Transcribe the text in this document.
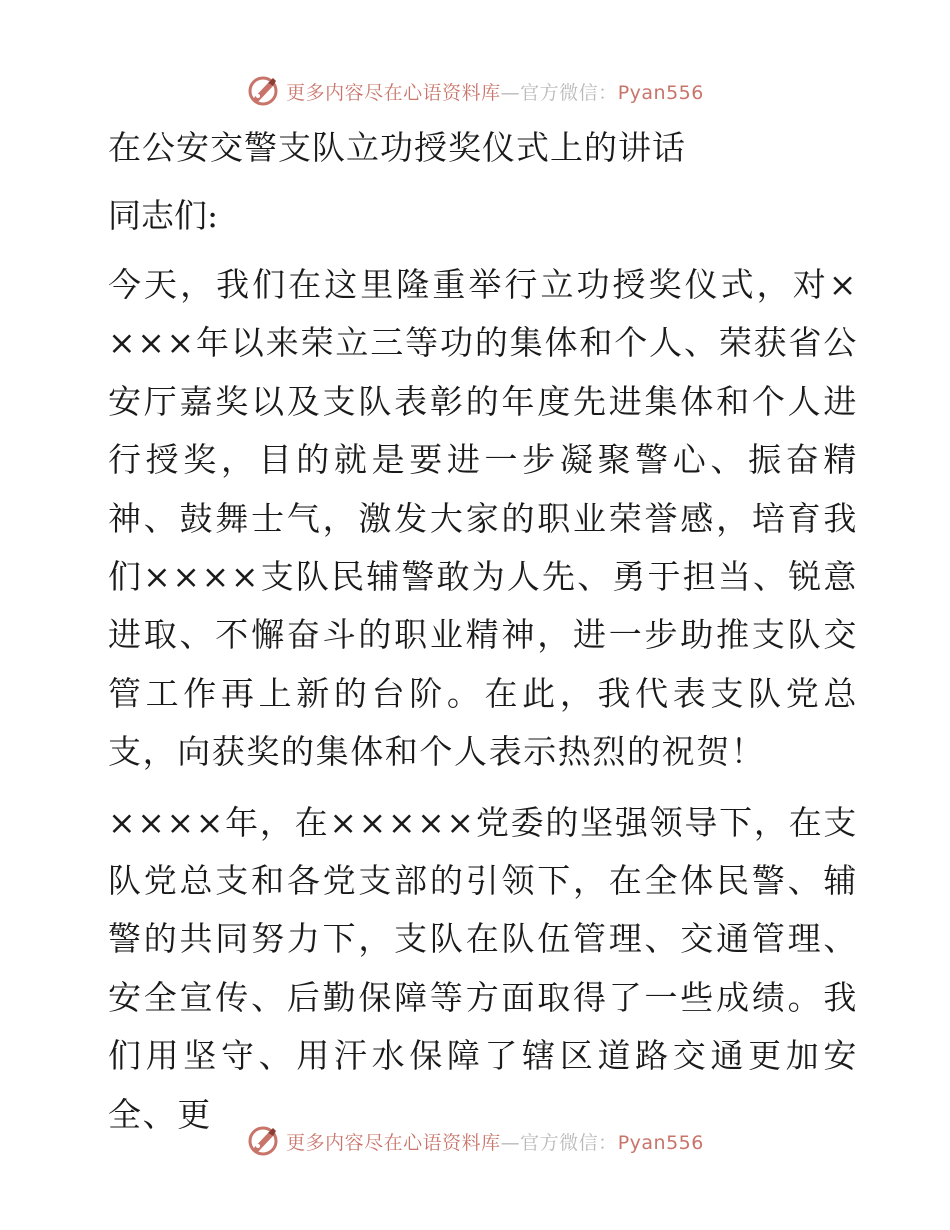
更多内容尽在心语资料库—官方微信：Pyan556
在公安交警支队立功授奖仪式上的讲话
同志们:

今天，我们在这里隆重举行立功授奖仪式，对××××年以来荣立三等功的集体和个人、荣获省公安厅嘉奖以及支队表彰的年度先进集体和个人进行授奖，目的就是要进一步凝聚警心、振奋精神、鼓舞士气，激发大家的职业荣誉感，培育我们××××支队民辅警敢为人先、勇于担当、锐意进取、不懈奋斗的职业精神，进一步助推支队交管工作再上新的台阶。在此，我代表支队党总支，向获奖的集体和个人表示热烈的祝贺！

××××年，在×××××党委的坚强领导下，在支队党总支和各党支部的引领下，在全体民警、辅警的共同努力下，支队在队伍管理、交通管理、安全宣传、后勤保障等方面取得了一些成绩。我们用坚守、用汗水保障了辖区道路交通更加安全、更

更多内容尽在心语资料库—官方微信：Pyan556
